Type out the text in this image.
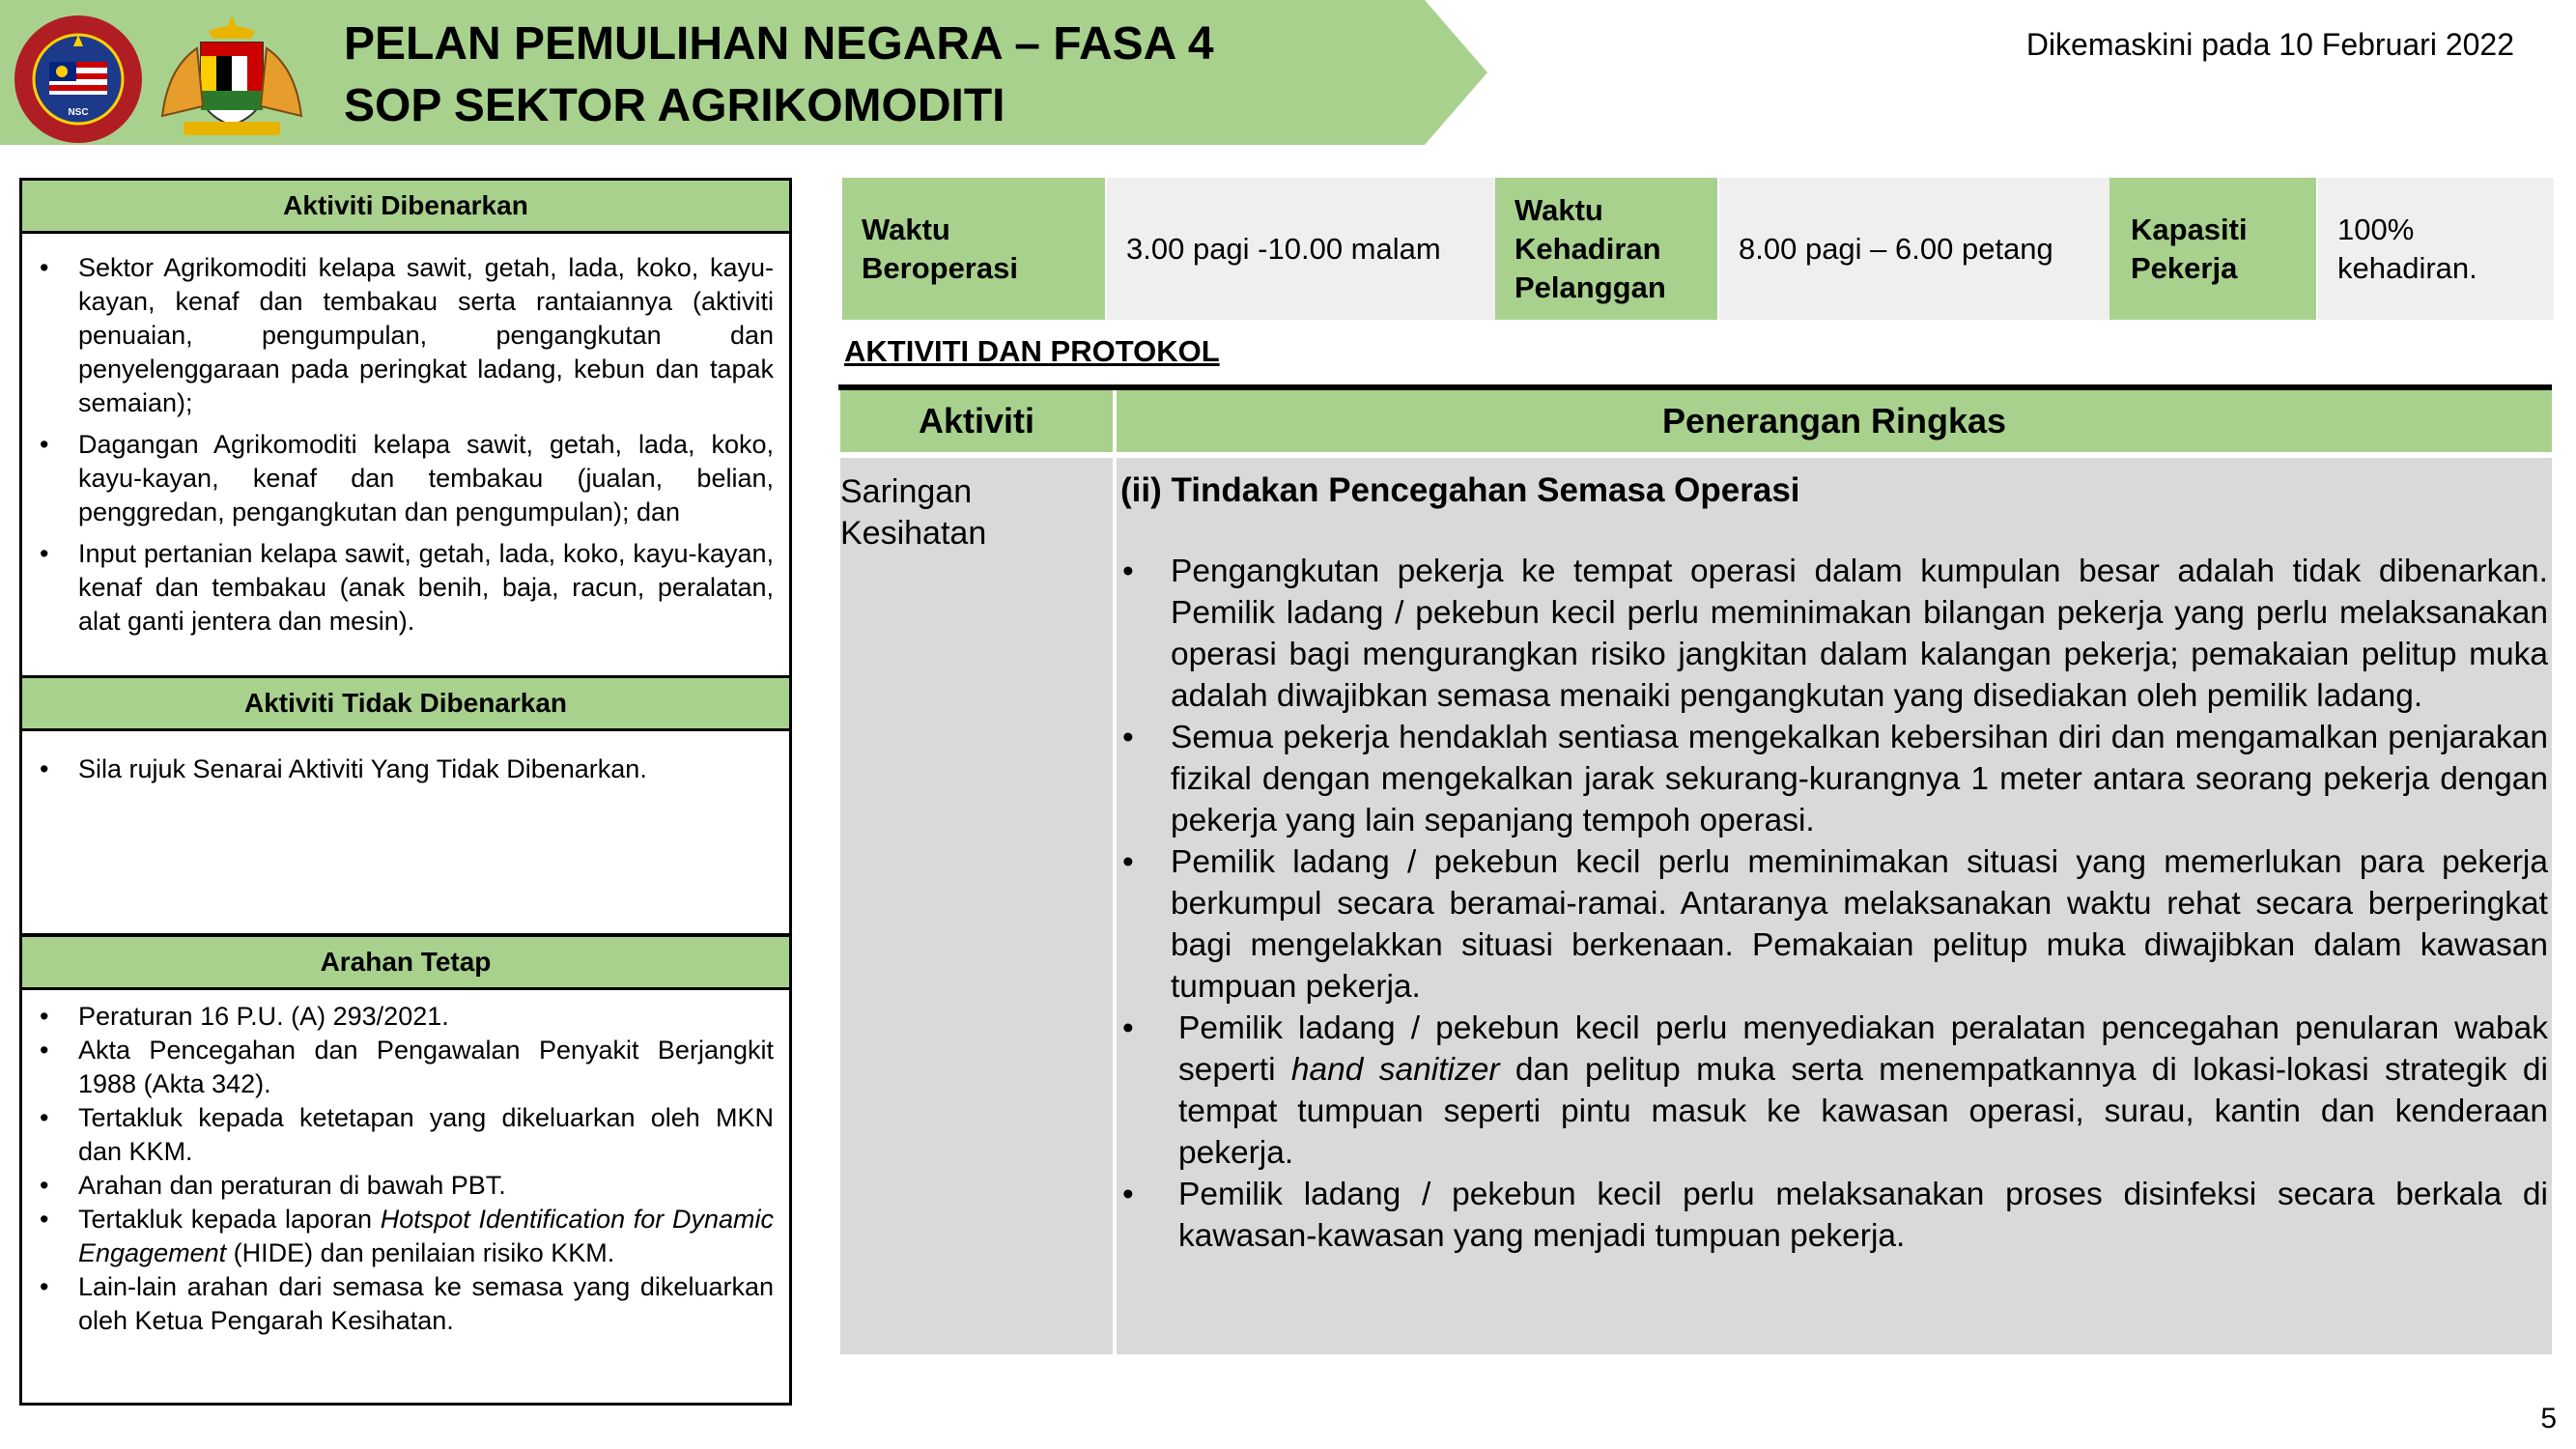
NSC
PELAN PEMULIHAN NEGARA – FASA 4
SOP SEKTOR AGRIKOMODITI
Dikemaskini pada 10 Februari 2022
Aktiviti Dibenarkan
• Sektor Agrikomoditi kelapa sawit, getah, lada, koko, kayu-kayan, kenaf dan tembakau serta rantaiannya (aktiviti penuaian, pengumpulan, pengangkutan dan penyelenggaraan pada peringkat ladang, kebun dan tapak semaian);
• Dagangan Agrikomoditi kelapa sawit, getah, lada, koko, kayu-kayan, kenaf dan tembakau (jualan, belian, penggredan, pengangkutan dan pengumpulan); dan
• Input pertanian kelapa sawit, getah, lada, koko, kayu-kayan, kenaf dan tembakau (anak benih, baja, racun, peralatan, alat ganti jentera dan mesin).
Aktiviti Tidak Dibenarkan
• Sila rujuk Senarai Aktiviti Yang Tidak Dibenarkan.
Arahan Tetap
• Peraturan 16 P.U. (A) 293/2021.
• Akta Pencegahan dan Pengawalan Penyakit Berjangkit 1988 (Akta 342).
• Tertakluk kepada ketetapan yang dikeluarkan oleh MKN dan KKM.
• Arahan dan peraturan di bawah PBT.
• Tertakluk kepada laporan Hotspot Identification for Dynamic Engagement (HIDE) dan penilaian risiko KKM.
• Lain-lain arahan dari semasa ke semasa yang dikeluarkan oleh Ketua Pengarah Kesihatan.
Waktu Beroperasi
3.00 pagi -10.00 malam
Waktu Kehadiran Pelanggan
8.00 pagi – 6.00 petang
Kapasiti Pekerja
100% kehadiran.
AKTIVITI DAN PROTOKOL
Aktiviti	Penerangan Ringkas
Saringan Kesihatan
(ii) Tindakan Pencegahan Semasa Operasi
• Pengangkutan pekerja ke tempat operasi dalam kumpulan besar adalah tidak dibenarkan. Pemilik ladang / pekebun kecil perlu meminimakan bilangan pekerja yang perlu melaksanakan operasi bagi mengurangkan risiko jangkitan dalam kalangan pekerja; pemakaian pelitup muka adalah diwajibkan semasa menaiki pengangkutan yang disediakan oleh pemilik ladang.
• Semua pekerja hendaklah sentiasa mengekalkan kebersihan diri dan mengamalkan penjarakan fizikal dengan mengekalkan jarak sekurang-kurangnya 1 meter antara seorang pekerja dengan pekerja yang lain sepanjang tempoh operasi.
• Pemilik ladang / pekebun kecil perlu meminimakan situasi yang memerlukan para pekerja berkumpul secara beramai-ramai. Antaranya melaksanakan waktu rehat secara berperingkat bagi mengelakkan situasi berkenaan. Pemakaian pelitup muka diwajibkan dalam kawasan tumpuan pekerja.
• Pemilik ladang / pekebun kecil perlu menyediakan peralatan pencegahan penularan wabak seperti hand sanitizer dan pelitup muka serta menempatkannya di lokasi-lokasi strategik di tempat tumpuan seperti pintu masuk ke kawasan operasi, surau, kantin dan kenderaan pekerja.
• Pemilik ladang / pekebun kecil perlu melaksanakan proses disinfeksi secara berkala di kawasan-kawasan yang menjadi tumpuan pekerja.
5
